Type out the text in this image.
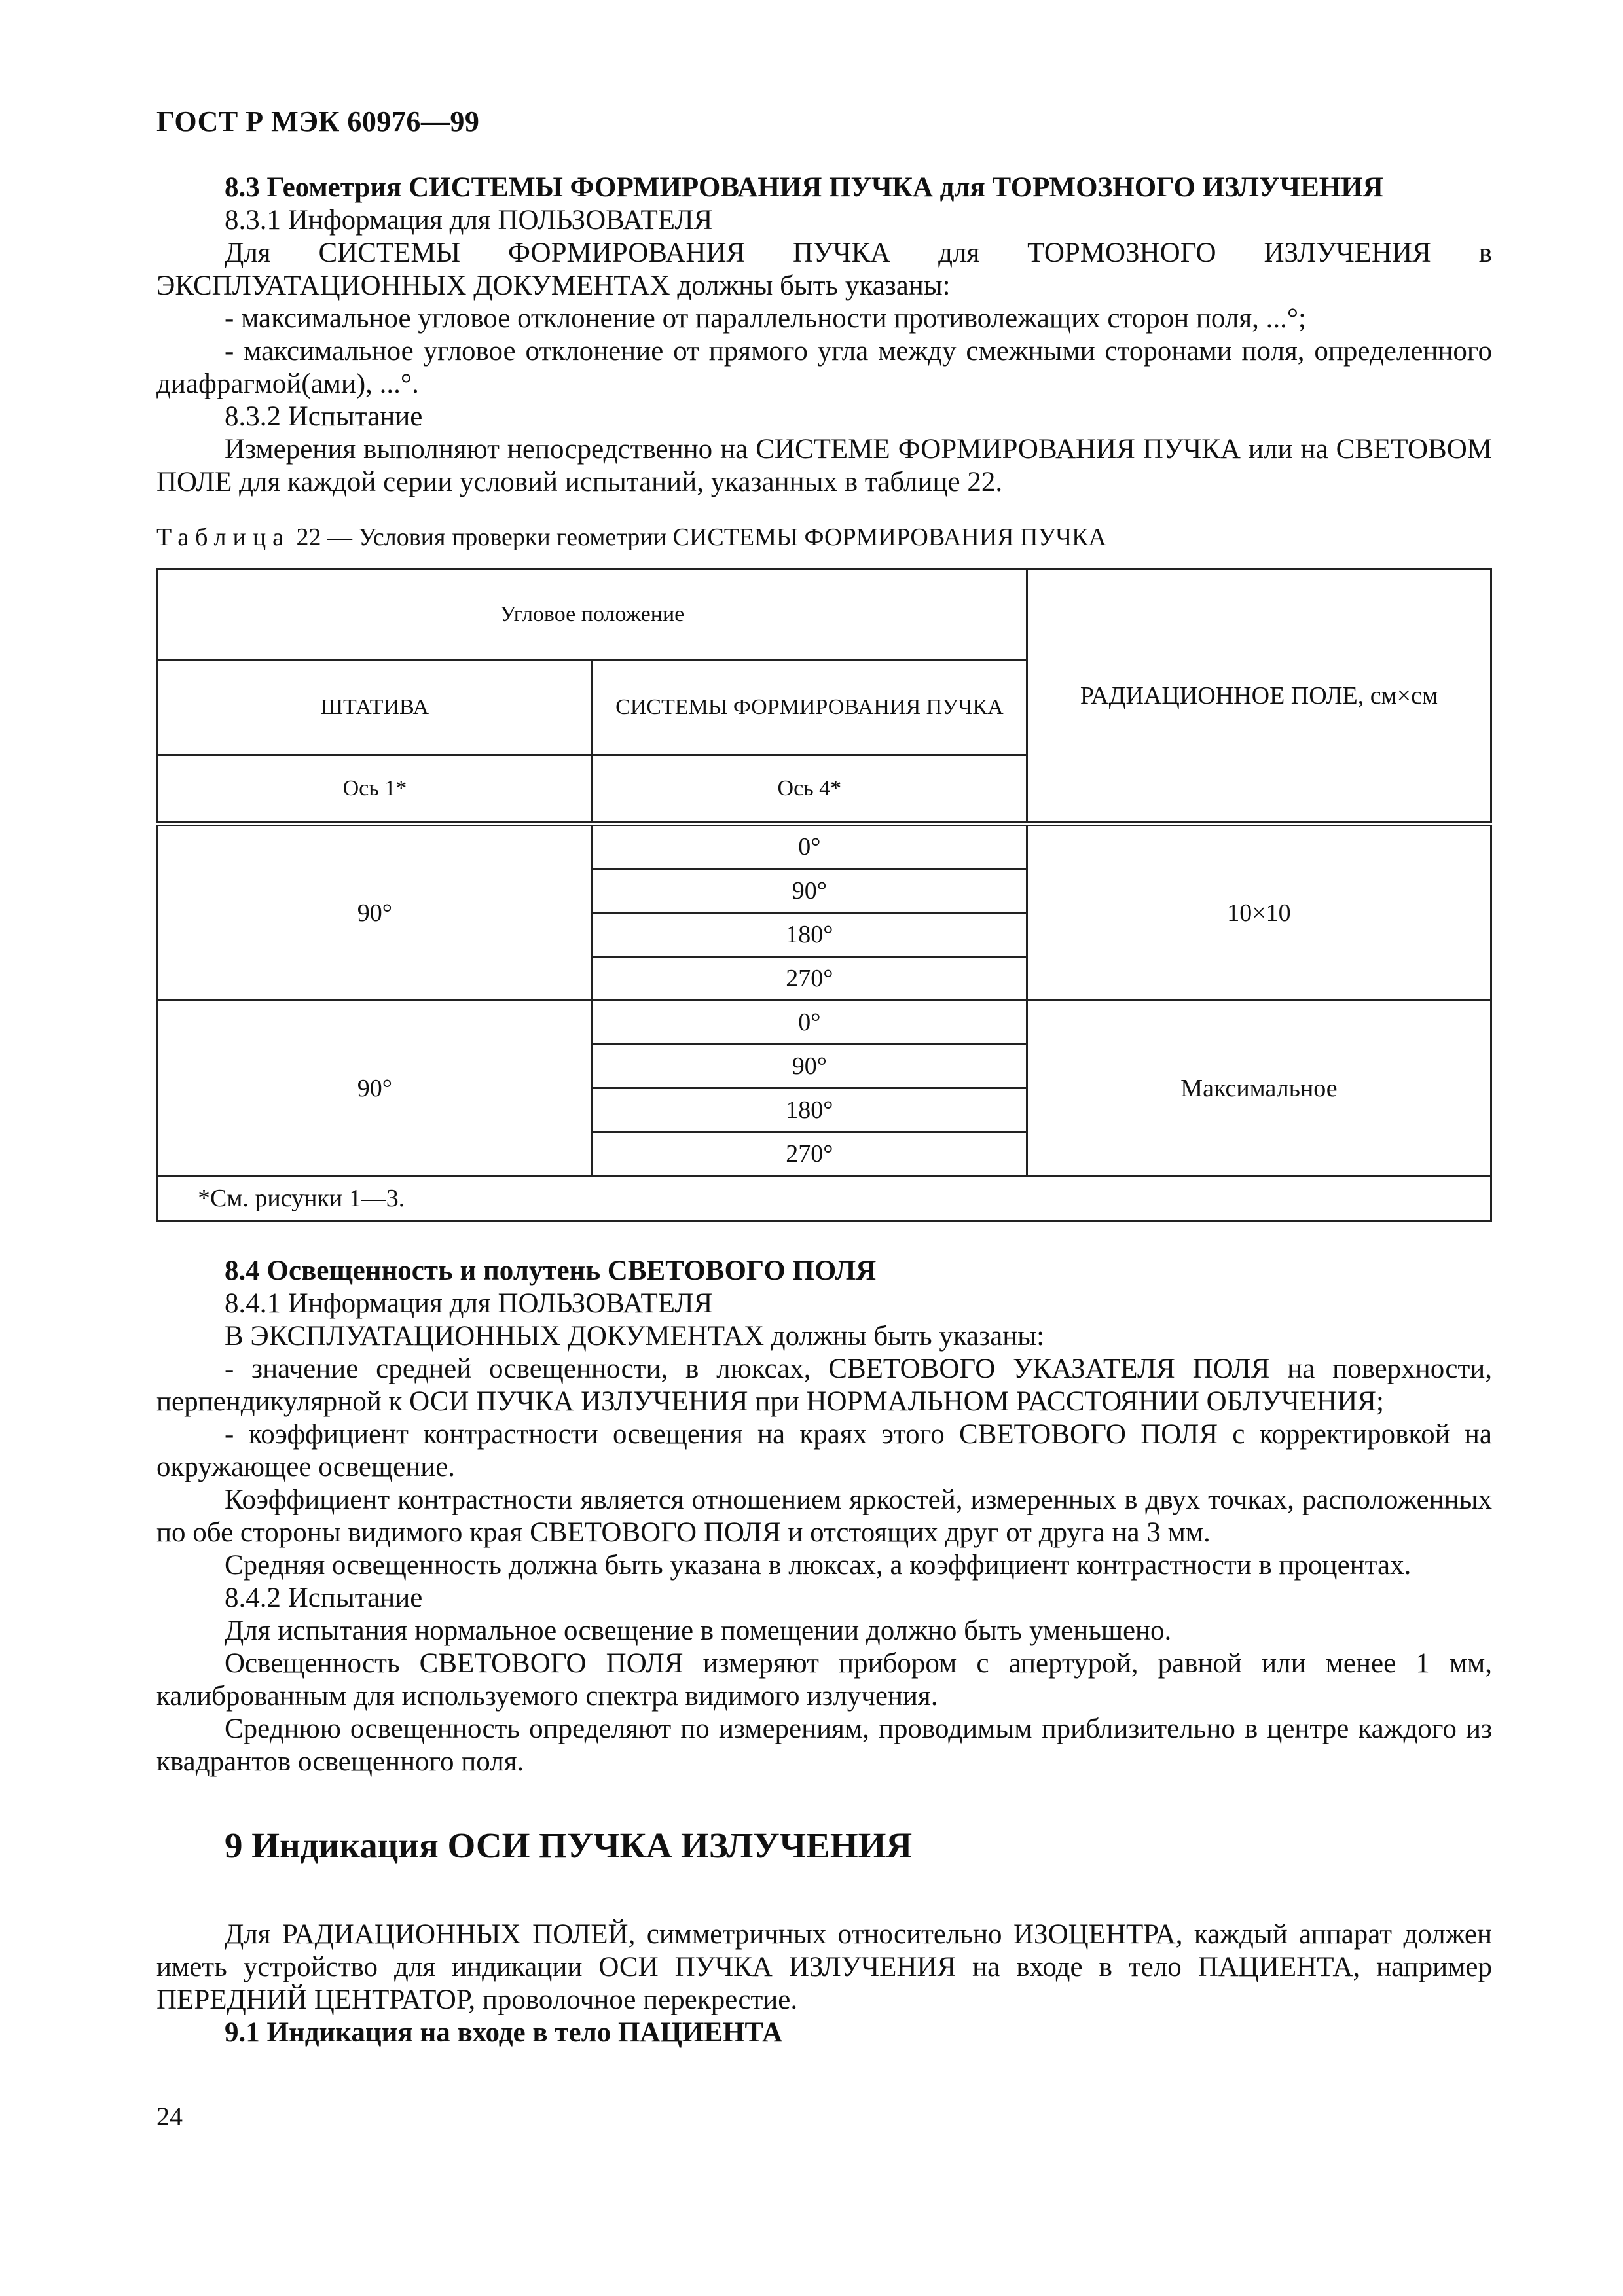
ГОСТ Р МЭК 60976—99

8.3 Геометрия СИСТЕМЫ ФОРМИРОВАНИЯ ПУЧКА для ТОРМОЗНОГО ИЗЛУЧЕНИЯ

8.3.1 Информация для ПОЛЬЗОВАТЕЛЯ

Для СИСТЕМЫ ФОРМИРОВАНИЯ ПУЧКА для ТОРМОЗНОГО ИЗЛУЧЕНИЯ в ЭКСПЛУАТАЦИОННЫХ ДОКУМЕНТАХ должны быть указаны:

- максимальное угловое отклонение от параллельности противолежащих сторон поля, ...°;

- максимальное угловое отклонение от прямого угла между смежными сторонами поля, определенного диафрагмой(ами), ...°.

8.3.2 Испытание

Измерения выполняют непосредственно на СИСТЕМЕ ФОРМИРОВАНИЯ ПУЧКА или на СВЕТОВОМ ПОЛЕ для каждой серии условий испытаний, указанных в таблице 22.

Таблица 22 — Условия проверки геометрии СИСТЕМЫ ФОРМИРОВАНИЯ ПУЧКА

Угловое положение		РАДИАЦИОННОЕ ПОЛЕ, см×см
ШТАТИВА	СИСТЕМЫ ФОРМИРОВАНИЯ ПУЧКА	
Ось 1*	Ось 4*	
90°	0°	10×10
	90°	
	180°	
	270°	
90°	0°	Максимальное
	90°	
	180°	
	270°	
*См. рисунки 1—3.		

8.4 Освещенность и полутень СВЕТОВОГО ПОЛЯ

8.4.1 Информация для ПОЛЬЗОВАТЕЛЯ

В ЭКСПЛУАТАЦИОННЫХ ДОКУМЕНТАХ должны быть указаны:

- значение средней освещенности, в люксах, СВЕТОВОГО УКАЗАТЕЛЯ ПОЛЯ на поверхности, перпендикулярной к ОСИ ПУЧКА ИЗЛУЧЕНИЯ при НОРМАЛЬНОМ РАССТОЯНИИ ОБЛУЧЕНИЯ;

- коэффициент контрастности освещения на краях этого СВЕТОВОГО ПОЛЯ с корректировкой на окружающее освещение.

Коэффициент контрастности является отношением яркостей, измеренных в двух точках, расположенных по обе стороны видимого края СВЕТОВОГО ПОЛЯ и отстоящих друг от друга на 3 мм.

Средняя освещенность должна быть указана в люксах, а коэффициент контрастности в процентах.

8.4.2 Испытание

Для испытания нормальное освещение в помещении должно быть уменьшено.

Освещенность СВЕТОВОГО ПОЛЯ измеряют прибором с апертурой, равной или менее 1 мм, калиброванным для используемого спектра видимого излучения.

Среднюю освещенность определяют по измерениям, проводимым приблизительно в центре каждого из квадрантов освещенного поля.

9 Индикация ОСИ ПУЧКА ИЗЛУЧЕНИЯ

Для РАДИАЦИОННЫХ ПОЛЕЙ, симметричных относительно ИЗОЦЕНТРА, каждый аппарат должен иметь устройство для индикации ОСИ ПУЧКА ИЗЛУЧЕНИЯ на входе в тело ПАЦИЕНТА, например ПЕРЕДНИЙ ЦЕНТРАТОР, проволочное перекрестие.

9.1 Индикация на входе в тело ПАЦИЕНТА

24
